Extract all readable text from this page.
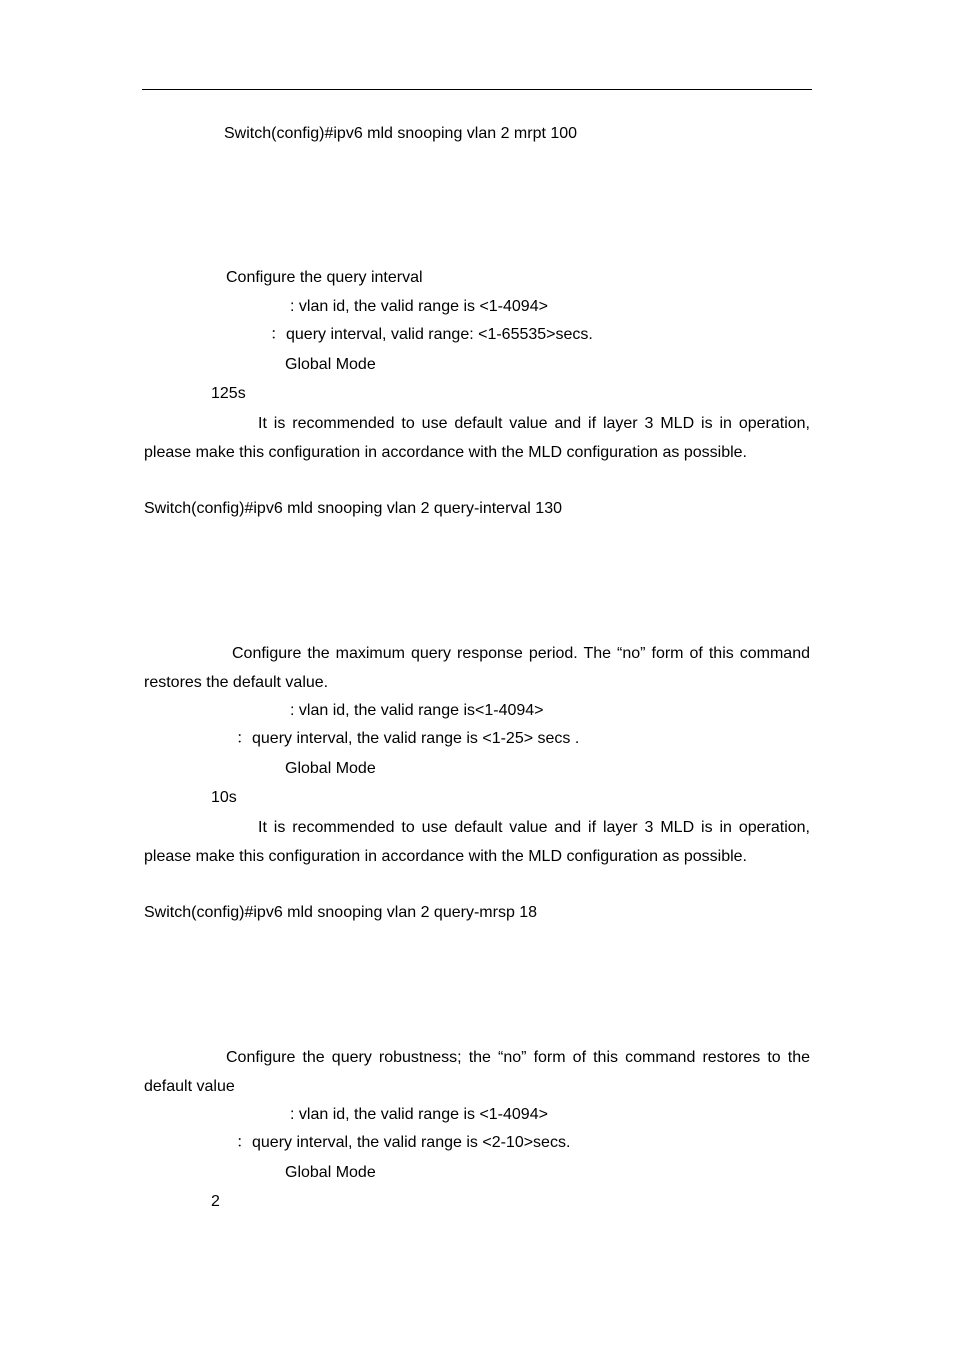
Switch(config)#ipv6 mld snooping vlan 2 mrpt 100
Configure the query interval
: vlan id, the valid range is <1-4094>
：query interval, valid range: <1-65535>secs.
Global Mode
125s
It is recommended to use default value and if layer 3 MLD is in operation, please make this configuration in accordance with the MLD configuration as possible.
Switch(config)#ipv6 mld snooping vlan 2 query-interval 130
Configure the maximum query response period. The “no” form of this command restores the default value.
: vlan id, the valid range is<1-4094>
：query interval, the valid range is <1-25> secs .
Global Mode
10s
It is recommended to use default value and if layer 3 MLD is in operation, please make this configuration in accordance with the MLD configuration as possible.
Switch(config)#ipv6 mld snooping vlan 2 query-mrsp 18
Configure the query robustness; the “no” form of this command restores to the default value
: vlan id, the valid range is <1-4094>
：query interval, the valid range is <2-10>secs.
Global Mode
2
